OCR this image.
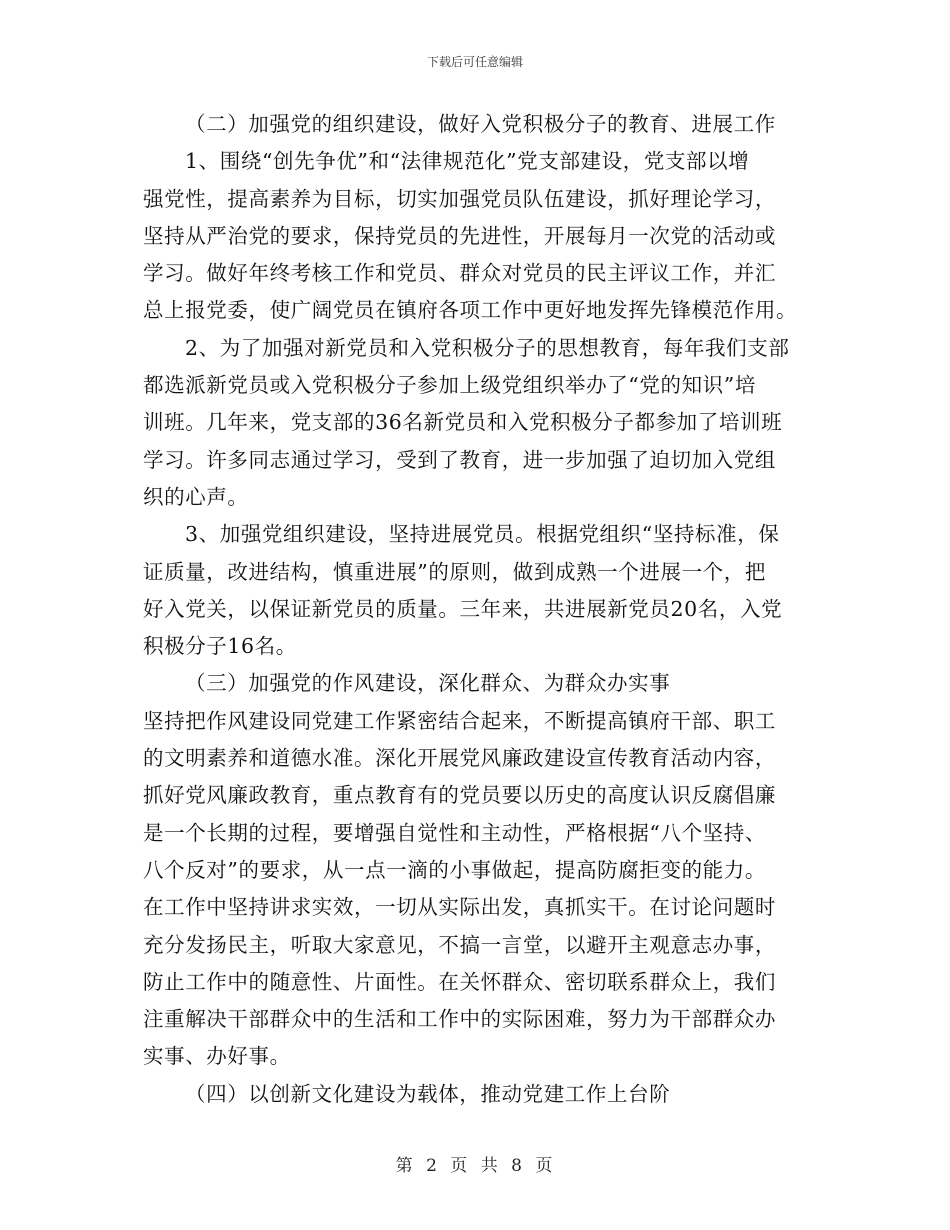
下载后可任意编辑
（二）加强党的组织建设，做好入党积极分子的教育、进展工作
1、围绕“创先争优”和“法律规范化”党支部建设，党支部以增
强党性，提高素养为目标，切实加强党员队伍建设，抓好理论学习，
坚持从严治党的要求，保持党员的先进性，开展每月一次党的活动或
学习。做好年终考核工作和党员、群众对党员的民主评议工作，并汇
总上报党委，使广阔党员在镇府各项工作中更好地发挥先锋模范作用。
2、为了加强对新党员和入党积极分子的思想教育，每年我们支部
都选派新党员或入党积极分子参加上级党组织举办了“党的知识”培
训班。几年来，党支部的36名新党员和入党积极分子都参加了培训班
学习。许多同志通过学习，受到了教育，进一步加强了迫切加入党组
织的心声。
3、加强党组织建设，坚持进展党员。根据党组织“坚持标准，保
证质量，改进结构，慎重进展”的原则，做到成熟一个进展一个，把
好入党关，以保证新党员的质量。三年来，共进展新党员20名，入党
积极分子16名。
（三）加强党的作风建设，深化群众、为群众办实事
坚持把作风建设同党建工作紧密结合起来，不断提高镇府干部、职工
的文明素养和道德水准。深化开展党风廉政建设宣传教育活动内容，
抓好党风廉政教育，重点教育有的党员要以历史的高度认识反腐倡廉
是一个长期的过程，要增强自觉性和主动性，严格根据“八个坚持、
八个反对”的要求，从一点一滴的小事做起，提高防腐拒变的能力。
在工作中坚持讲求实效，一切从实际出发，真抓实干。在讨论问题时
充分发扬民主，听取大家意见，不搞一言堂，以避开主观意志办事，
防止工作中的随意性、片面性。在关怀群众、密切联系群众上，我们
注重解决干部群众中的生活和工作中的实际困难，努力为干部群众办
实事、办好事。
（四）以创新文化建设为载体，推动党建工作上台阶
第 2 页 共 8 页
